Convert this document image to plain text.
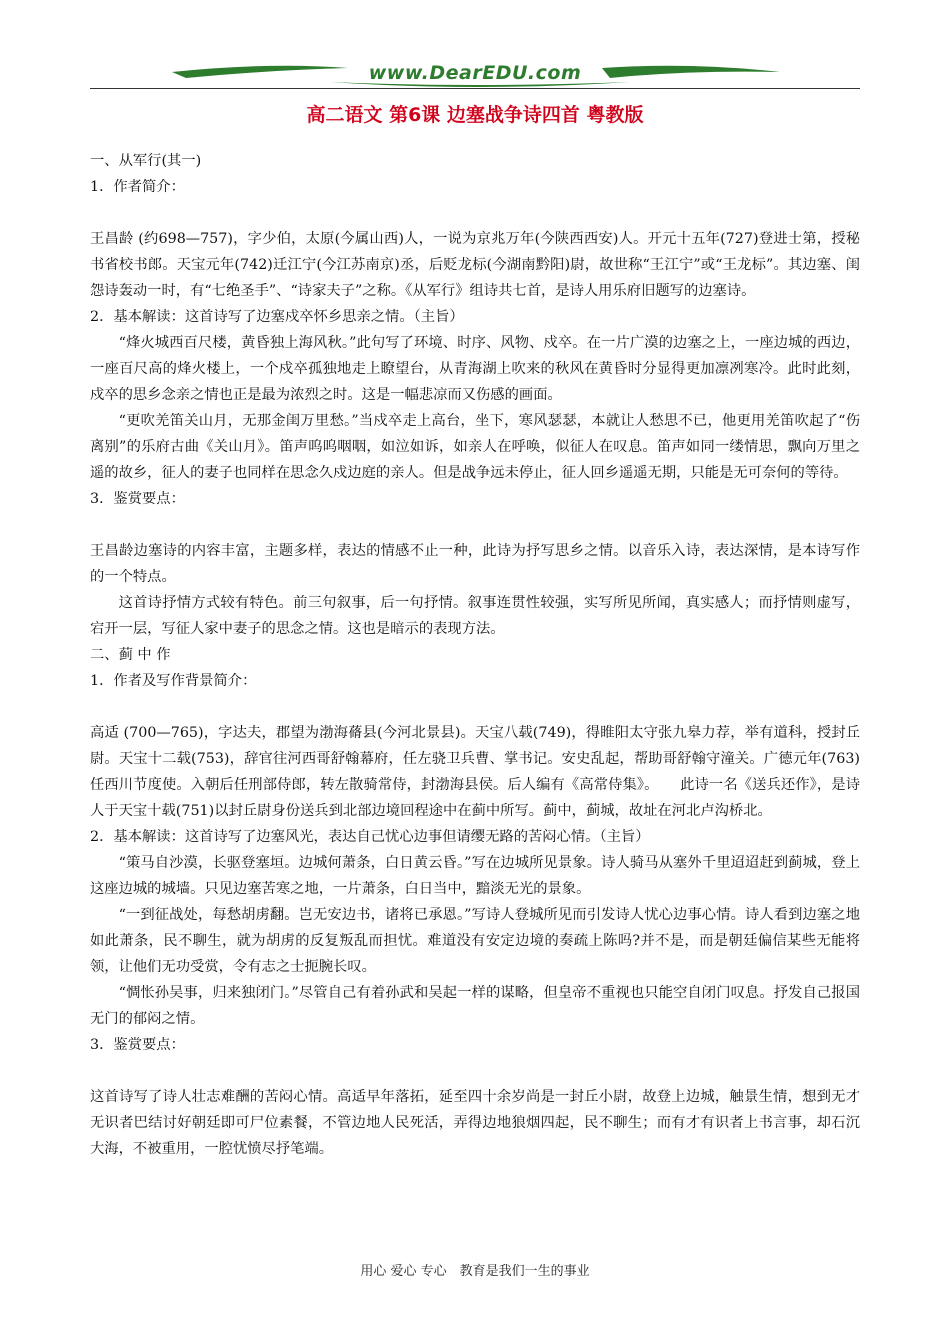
www.DearEDU.com
高二语文 第6课 边塞战争诗四首 粤教版

一、从军行(其一)

1．作者简介：

王昌龄 (约698—757)，字少伯，太原(今属山西)人，一说为京兆万年(今陕西西安)人。开元十五年(727)登进士第，授秘书省校书郎。天宝元年(742)迁江宁(今江苏南京)丞，后贬龙标(今湖南黔阳)尉，故世称“王江宁”或“王龙标”。其边塞、闺怨诗轰动一时，有“七绝圣手”、“诗家夫子”之称。《从军行》组诗共七首，是诗人用乐府旧题写的边塞诗。

2．基本解读：这首诗写了边塞戍卒怀乡思亲之情。（主旨）

“烽火城西百尺楼，黄昏独上海风秋。”此句写了环境、时序、风物、戍卒。在一片广漠的边塞之上，一座边城的西边，一座百尺高的烽火楼上，一个戍卒孤独地走上瞭望台，从青海湖上吹来的秋风在黄昏时分显得更加凛冽寒冷。此时此刻，戍卒的思乡念亲之情也正是最为浓烈之时。这是一幅悲凉而又伤感的画面。

“更吹羌笛关山月，无那金闺万里愁。”当戍卒走上高台，坐下，寒风瑟瑟，本就让人愁思不已，他更用羌笛吹起了“伤离别”的乐府古曲《关山月》。笛声呜呜咽咽，如泣如诉，如亲人在呼唤，似征人在叹息。笛声如同一缕情思，飘向万里之遥的故乡，征人的妻子也同样在思念久戍边庭的亲人。但是战争远未停止，征人回乡遥遥无期，只能是无可奈何的等待。

3．鉴赏要点：

王昌龄边塞诗的内容丰富，主题多样，表达的情感不止一种，此诗为抒写思乡之情。以音乐入诗，表达深情，是本诗写作的一个特点。

这首诗抒情方式较有特色。前三句叙事，后一句抒情。叙事连贯性较强，实写所见所闻，真实感人；而抒情则虚写，宕开一层，写征人家中妻子的思念之情。这也是暗示的表现方法。

二、蓟 中 作

1．作者及写作背景简介：

高适 (700—765)，字达夫，郡望为渤海蓨县(今河北景县)。天宝八载(749)，得睢阳太守张九皋力荐，举有道科，授封丘尉。天宝十二载(753)，辞官往河西哥舒翰幕府，任左骁卫兵曹、掌书记。安史乱起，帮助哥舒翰守潼关。广德元年(763)任西川节度使。入朝后任刑部侍郎，转左散骑常侍，封渤海县侯。后人编有《高常侍集》。　　此诗一名《送兵还作》，是诗人于天宝十载(751)以封丘尉身份送兵到北部边境回程途中在蓟中所写。蓟中，蓟城，故址在河北卢沟桥北。

2．基本解读：这首诗写了边塞风光，表达自己忧心边事但请缨无路的苦闷心情。（主旨）

“策马自沙漠，长驱登塞垣。边城何萧条，白日黄云昏。”写在边城所见景象。诗人骑马从塞外千里迢迢赶到蓟城，登上这座边城的城墙。只见边塞苦寒之地，一片萧条，白日当中，黯淡无光的景象。

“一到征战处，每愁胡虏翻。岂无安边书，诸将已承恩。”写诗人登城所见而引发诗人忧心边事心情。诗人看到边塞之地如此萧条，民不聊生，就为胡虏的反复叛乱而担忧。难道没有安定边境的奏疏上陈吗?并不是，而是朝廷偏信某些无能将领，让他们无功受赏，令有志之士扼腕长叹。

“惆怅孙吴事，归来独闭门。”尽管自己有着孙武和吴起一样的谋略，但皇帝不重视也只能空自闭门叹息。抒发自己报国无门的郁闷之情。

3．鉴赏要点：

这首诗写了诗人壮志难酬的苦闷心情。高适早年落拓，延至四十余岁尚是一封丘小尉，故登上边城，触景生情，想到无才无识者巴结讨好朝廷即可尸位素餐，不管边地人民死活，弄得边地狼烟四起，民不聊生；而有才有识者上书言事，却石沉大海，不被重用，一腔忧愤尽抒笔端。

用心 爱心 专心　教育是我们一生的事业
